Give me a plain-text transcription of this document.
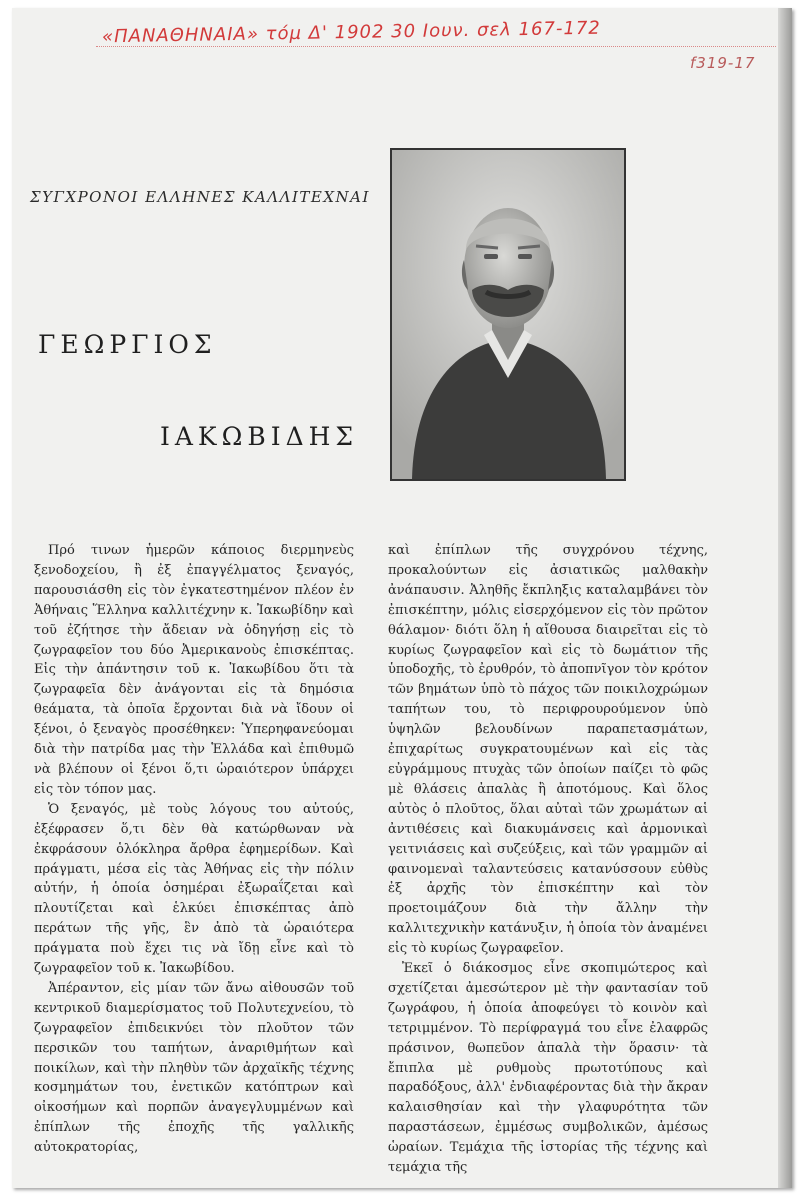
«ΠΑΝΑΘΗΝΑΙΑ» τόμ Δ' 1902 30 Ιουν. σελ 167-172
f319-17
ΣΥΓΧΡΟΝΟΙ ΕΛΛΗΝΕΣ ΚΑΛΛΙΤΕΧΝΑΙ
ΓΕΩΡΓΙΟΣ
ΙΑΚΩΒΙΔΗΣ

Πρό τινων ἡμερῶν κάποιος διερμηνεὺς ξενοδοχείου, ἢ ἐξ ἐπαγγέλματος ξεναγός, παρουσιάσθη εἰς τὸν ἐγκατεστημένον πλέον ἐν Ἀθήναις Ἕλληνα καλλιτέχνην κ. Ἰακωβίδην καὶ τοῦ ἐζήτησε τὴν ἄδειαν νὰ ὁδηγήσῃ εἰς τὸ ζωγραφεῖον του δύο Ἀμερικανοὺς ἐπισκέπτας. Εἰς τὴν ἀπάντησιν τοῦ κ. Ἰακωβίδου ὅτι τὰ ζωγραφεῖα δὲν ἀνάγονται εἰς τὰ δημόσια θεάματα, τὰ ὁποῖα ἔρχονται διὰ νὰ ἴδουν οἱ ξένοι, ὁ ξεναγὸς προσέθηκεν: Ὑπερηφανεύομαι διὰ τὴν πατρίδα μας τὴν Ἑλλάδα καὶ ἐπιθυμῶ νὰ βλέπουν οἱ ξένοι ὅ,τι ὡραιότερον ὑπάρχει εἰς τὸν τόπον μας.

Ὁ ξεναγός, μὲ τοὺς λόγους του αὐτούς, ἐξέφρασεν ὅ,τι δὲν θὰ κατώρθωναν νὰ ἐκφράσουν ὁλόκληρα ἄρθρα ἐφημερίδων. Καὶ πράγματι, μέσα εἰς τὰς Ἀθήνας εἰς τὴν πόλιν αὐτήν, ἡ ὁποία ὁσημέραι ἐξωραΐζεται καὶ πλουτίζεται καὶ ἑλκύει ἐπισκέπτας ἀπὸ περάτων τῆς γῆς, ἓν ἀπὸ τὰ ὡραιότερα πράγματα ποὺ ἔχει τις νὰ ἴδῃ εἶνε καὶ τὸ ζωγραφεῖον τοῦ κ. Ἰακωβίδου.

Ἀπέραντον, εἰς μίαν τῶν ἄνω αἰθουσῶν τοῦ κεντρικοῦ διαμερίσματος τοῦ Πολυτεχνείου, τὸ ζωγραφεῖον ἐπιδεικνύει τὸν πλοῦτον τῶν περσικῶν του ταπήτων, ἀναριθμήτων καὶ ποικίλων, καὶ τὴν πληθὺν τῶν ἀρχαϊκῆς τέχνης κοσμημάτων του, ἐνετικῶν κατόπτρων καὶ οἰκοσήμων καὶ πορπῶν ἀναγεγλυμμένων καὶ ἐπίπλων τῆς ἐποχῆς τῆς γαλλικῆς αὐτοκρατορίας,

καὶ ἐπίπλων τῆς συγχρόνου τέχνης, προκαλούντων εἰς ἀσιατικῶς μαλθακὴν ἀνάπαυσιν. Ἀληθῆς ἔκπληξις καταλαμβάνει τὸν ἐπισκέπτην, μόλις εἰσερχόμενον εἰς τὸν πρῶτον θάλαμον· διότι ὅλη ἡ αἴθουσα διαιρεῖται εἰς τὸ κυρίως ζωγραφεῖον καὶ εἰς τὸ δωμάτιον τῆς ὑποδοχῆς, τὸ ἐρυθρόν, τὸ ἀποπνῖγον τὸν κρότον τῶν βημάτων ὑπὸ τὸ πάχος τῶν ποικιλοχρώμων ταπήτων του, τὸ περιφρουρούμενον ὑπὸ ὑψηλῶν βελουδίνων παραπετασμάτων, ἐπιχαρίτως συγκρατουμένων καὶ εἰς τὰς εὐγράμμους πτυχὰς τῶν ὁποίων παίζει τὸ φῶς μὲ θλάσεις ἀπαλὰς ἢ ἀποτόμους. Καὶ ὅλος αὐτὸς ὁ πλοῦτος, ὅλαι αὐταὶ τῶν χρωμάτων αἱ ἀντιθέσεις καὶ διακυμάνσεις καὶ ἁρμονικαὶ γειτνιάσεις καὶ συζεύξεις, καὶ τῶν γραμμῶν αἱ φαινομεναὶ ταλαντεύσεις κατανύσσουν εὐθὺς ἐξ ἀρχῆς τὸν ἐπισκέπτην καὶ τὸν προετοιμάζουν διὰ τὴν ἄλλην τὴν καλλιτεχνικὴν κατάνυξιν, ἡ ὁποία τὸν ἀναμένει εἰς τὸ κυρίως ζωγραφεῖον.

Ἐκεῖ ὁ διάκοσμος εἶνε σκοπιμώτερος καὶ σχετίζεται ἀμεσώτερον μὲ τὴν φαντασίαν τοῦ ζωγράφου, ἡ ὁποία ἀποφεύγει τὸ κοινὸν καὶ τετριμμένον. Τὸ περίφραγμά του εἶνε ἐλαφρῶς πράσινον, θωπεῦον ἁπαλὰ τὴν ὅρασιν· τὰ ἔπιπλα μὲ ρυθμοὺς πρωτοτύπους καὶ παραδόξους, ἀλλ' ἐνδιαφέροντας διὰ τὴν ἄκραν καλαισθησίαν καὶ τὴν γλαφυρότητα τῶν παραστάσεων, ἐμμέσως συμβολικῶν, ἀμέσως ὡραίων. Τεμάχια τῆς ἱστορίας τῆς τέχνης καὶ τεμάχια τῆς
